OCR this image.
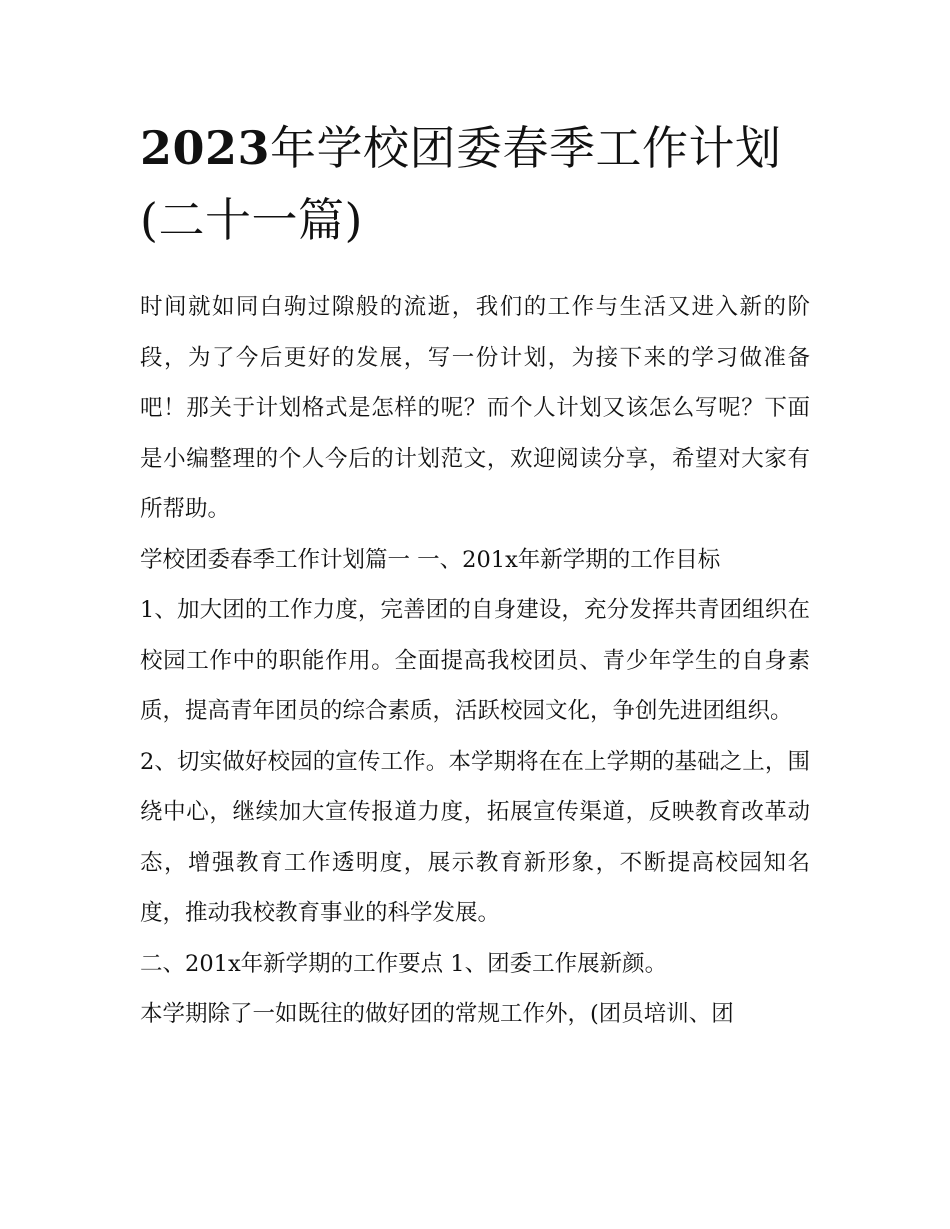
2023年学校团委春季工作计划(二十一篇)

时间就如同白驹过隙般的流逝，我们的工作与生活又进入新的阶段，为了今后更好的发展，写一份计划，为接下来的学习做准备吧！那关于计划格式是怎样的呢？而个人计划又该怎么写呢？下面是小编整理的个人今后的计划范文，欢迎阅读分享，希望对大家有所帮助。

学校团委春季工作计划篇一 一、201x年新学期的工作目标

1、加大团的工作力度，完善团的自身建设，充分发挥共青团组织在校园工作中的职能作用。全面提高我校团员、青少年学生的自身素质，提高青年团员的综合素质，活跃校园文化，争创先进团组织。

2、切实做好校园的宣传工作。本学期将在在上学期的基础之上，围绕中心，继续加大宣传报道力度，拓展宣传渠道，反映教育改革动态，增强教育工作透明度，展示教育新形象，不断提高校园知名度，推动我校教育事业的科学发展。

二、201x年新学期的工作要点 1、团委工作展新颜。

本学期除了一如既往的做好团的常规工作外，(团员培训、团
